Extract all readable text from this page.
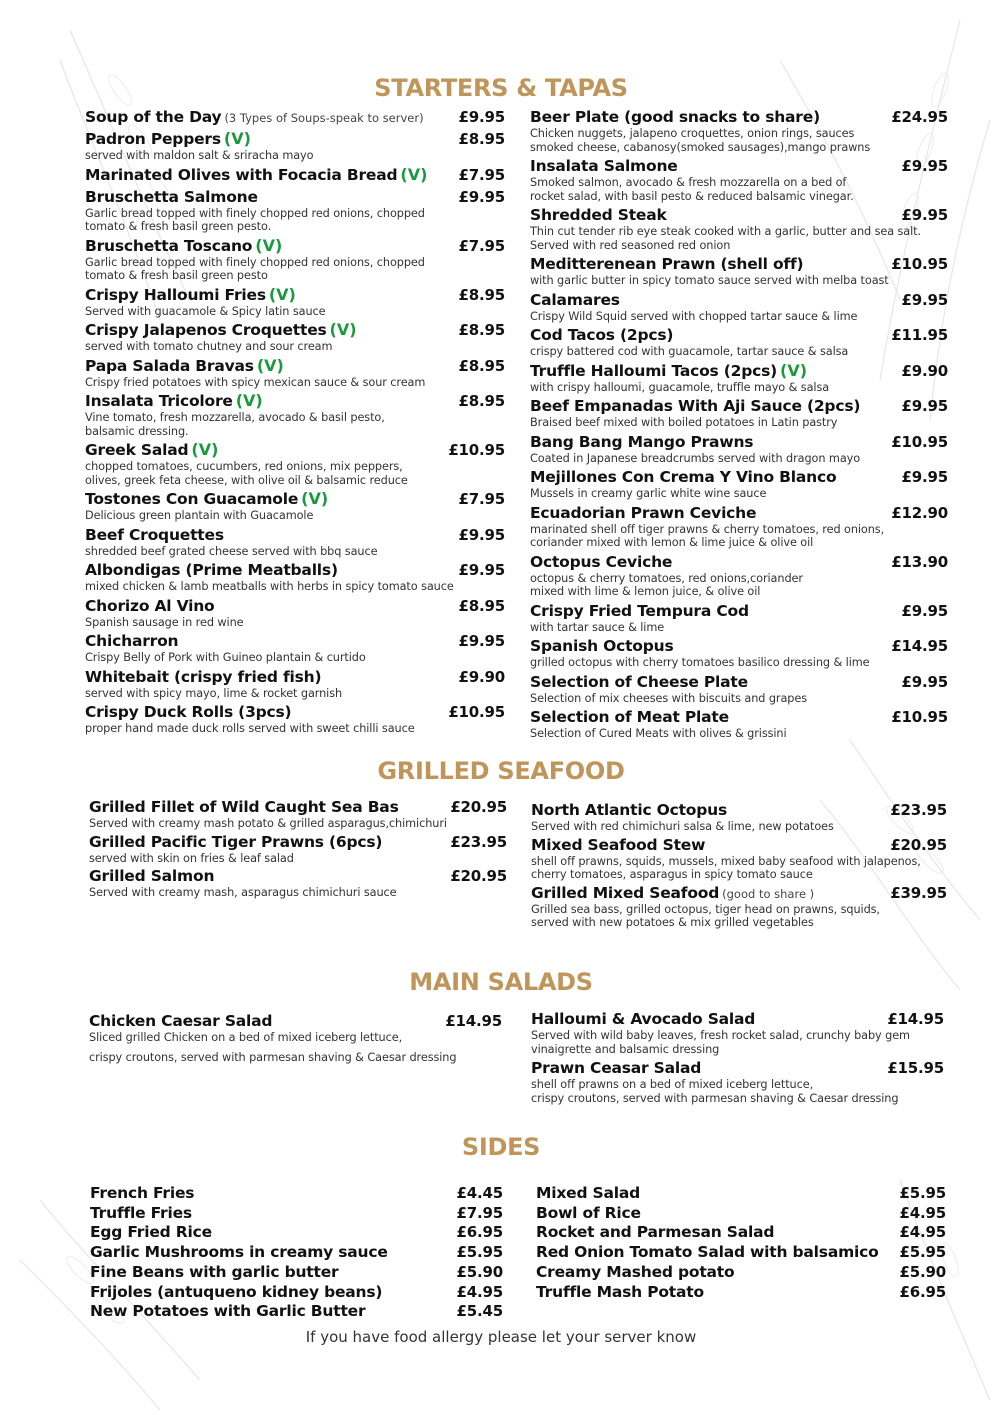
STARTERS & TAPAS
Soup of the Day (3 Types of Soups-speak to server) £9.95
Padron Peppers (V)	£8.95
served with maldon salt & sriracha mayo
Marinated Olives with Focacia Bread (V) £7.95
Bruschetta Salmone	£9.95
Garlic bread topped with finely chopped red onions, chopped
tomato & fresh basil green pesto.
Bruschetta Toscano (V)	£7.95
Garlic bread topped with finely chopped red onions, chopped
tomato & fresh basil green pesto
Crispy Halloumi Fries (V)	£8.95
Served with guacamole & Spicy latin sauce
Crispy Jalapenos Croquettes (V)	£8.95
served with tomato chutney and sour cream
Papa Salada Bravas (V)	£8.95
Crispy fried potatoes with spicy mexican sauce & sour cream
Insalata Tricolore (V)	£8.95
Vine tomato, fresh mozzarella, avocado & basil pesto,
balsamic dressing.
Greek Salad (V)	£10.95
chopped tomatoes, cucumbers, red onions, mix peppers,
olives, greek feta cheese, with olive oil & balsamic reduce
Tostones Con Guacamole (V)	£7.95
Delicious green plantain with Guacamole
Beef Croquettes	£9.95
shredded beef grated cheese served with bbq sauce
Albondigas (Prime Meatballs)	£9.95
mixed chicken & lamb meatballs with herbs in spicy tomato sauce
Chorizo Al Vino	£8.95
Spanish sausage in red wine
Chicharron	£9.95
Crispy Belly of Pork with Guineo plantain & curtido
Whitebait (crispy fried fish)	£9.90
served with spicy mayo, lime & rocket garnish
Crispy Duck Rolls (3pcs)	£10.95
proper hand made duck rolls served with sweet chilli sauce
Beer Plate (good snacks to share)	£24.95
Chicken nuggets, jalapeno croquettes, onion rings, sauces
smoked cheese, cabanosy(smoked sausages),mango prawns
Insalata Salmone	£9.95
Smoked salmon, avocado & fresh mozzarella on a bed of
rocket salad, with basil pesto & reduced balsamic vinegar.
Shredded Steak	£9.95
Thin cut tender rib eye steak cooked with a garlic, butter and sea salt.
Served with red seasoned red onion
Meditterenean Prawn (shell off)	£10.95
with garlic butter in spicy tomato sauce served with melba toast
Calamares	£9.95
Crispy Wild Squid served with chopped tartar sauce & lime
Cod Tacos (2pcs)	£11.95
crispy battered cod with guacamole, tartar sauce & salsa
Truffle Halloumi Tacos (2pcs) (V)	£9.90
with crispy halloumi, guacamole, truffle mayo & salsa
Beef Empanadas With Aji Sauce (2pcs)	£9.95
Braised beef mixed with boiled potatoes in Latin pastry
Bang Bang Mango Prawns	£10.95
Coated in Japanese breadcrumbs served with dragon mayo
Mejillones Con Crema Y Vino Blanco	£9.95
Mussels in creamy garlic white wine sauce
Ecuadorian Prawn Ceviche	£12.90
marinated shell off tiger prawns & cherry tomatoes, red onions,
coriander mixed with lemon & lime juice & olive oil
Octopus Ceviche	£13.90
octopus & cherry tomatoes, red onions,coriander
mixed with lime & lemon juice, & olive oil
Crispy Fried Tempura Cod	£9.95
with tartar sauce & lime
Spanish Octopus	£14.95
grilled octopus with cherry tomatoes basilico dressing & lime
Selection of Cheese Plate	£9.95
Selection of mix cheeses with biscuits and grapes
Selection of Meat Plate	£10.95
Selection of Cured Meats with olives & grissini
GRILLED SEAFOOD
Grilled Fillet of Wild Caught Sea Bas	£20.95
Served with creamy mash potato & grilled asparagus,chimichuri
Grilled Pacific Tiger Prawns (6pcs)	£23.95
served with skin on fries & leaf salad
Grilled Salmon	£20.95
Served with creamy mash, asparagus chimichuri sauce
North Atlantic Octopus	£23.95
Served with red chimichuri salsa & lime, new potatoes
Mixed Seafood Stew	£20.95
shell off prawns, squids, mussels, mixed baby seafood with jalapenos,
cherry tomatoes, asparagus in spicy tomato sauce
Grilled Mixed Seafood (good to share )	£39.95
Grilled sea bass, grilled octopus, tiger head on prawns, squids,
served with new potatoes & mix grilled vegetables
MAIN SALADS
Chicken Caesar Salad	£14.95
Sliced grilled Chicken on a bed of mixed iceberg lettuce,
crispy croutons, served with parmesan shaving & Caesar dressing
Halloumi & Avocado Salad	£14.95
Served with wild baby leaves, fresh rocket salad, crunchy baby gem
vinaigrette and balsamic dressing
Prawn Ceasar Salad	£15.95
shell off prawns on a bed of mixed iceberg lettuce,
crispy croutons, served with parmesan shaving & Caesar dressing
SIDES
French Fries	£4.45
Truffle Fries	£7.95
Egg Fried Rice	£6.95
Garlic Mushrooms in creamy sauce	£5.95
Fine Beans with garlic butter	£5.90
Frijoles (antuqueno kidney beans)	£4.95
New Potatoes with Garlic Butter	£5.45
Mixed Salad	£5.95
Bowl of Rice	£4.95
Rocket and Parmesan Salad	£4.95
Red Onion Tomato Salad with balsamico £5.95
Creamy Mashed potato	£5.90
Truffle Mash Potato	£6.95
If you have food allergy please let your server know
